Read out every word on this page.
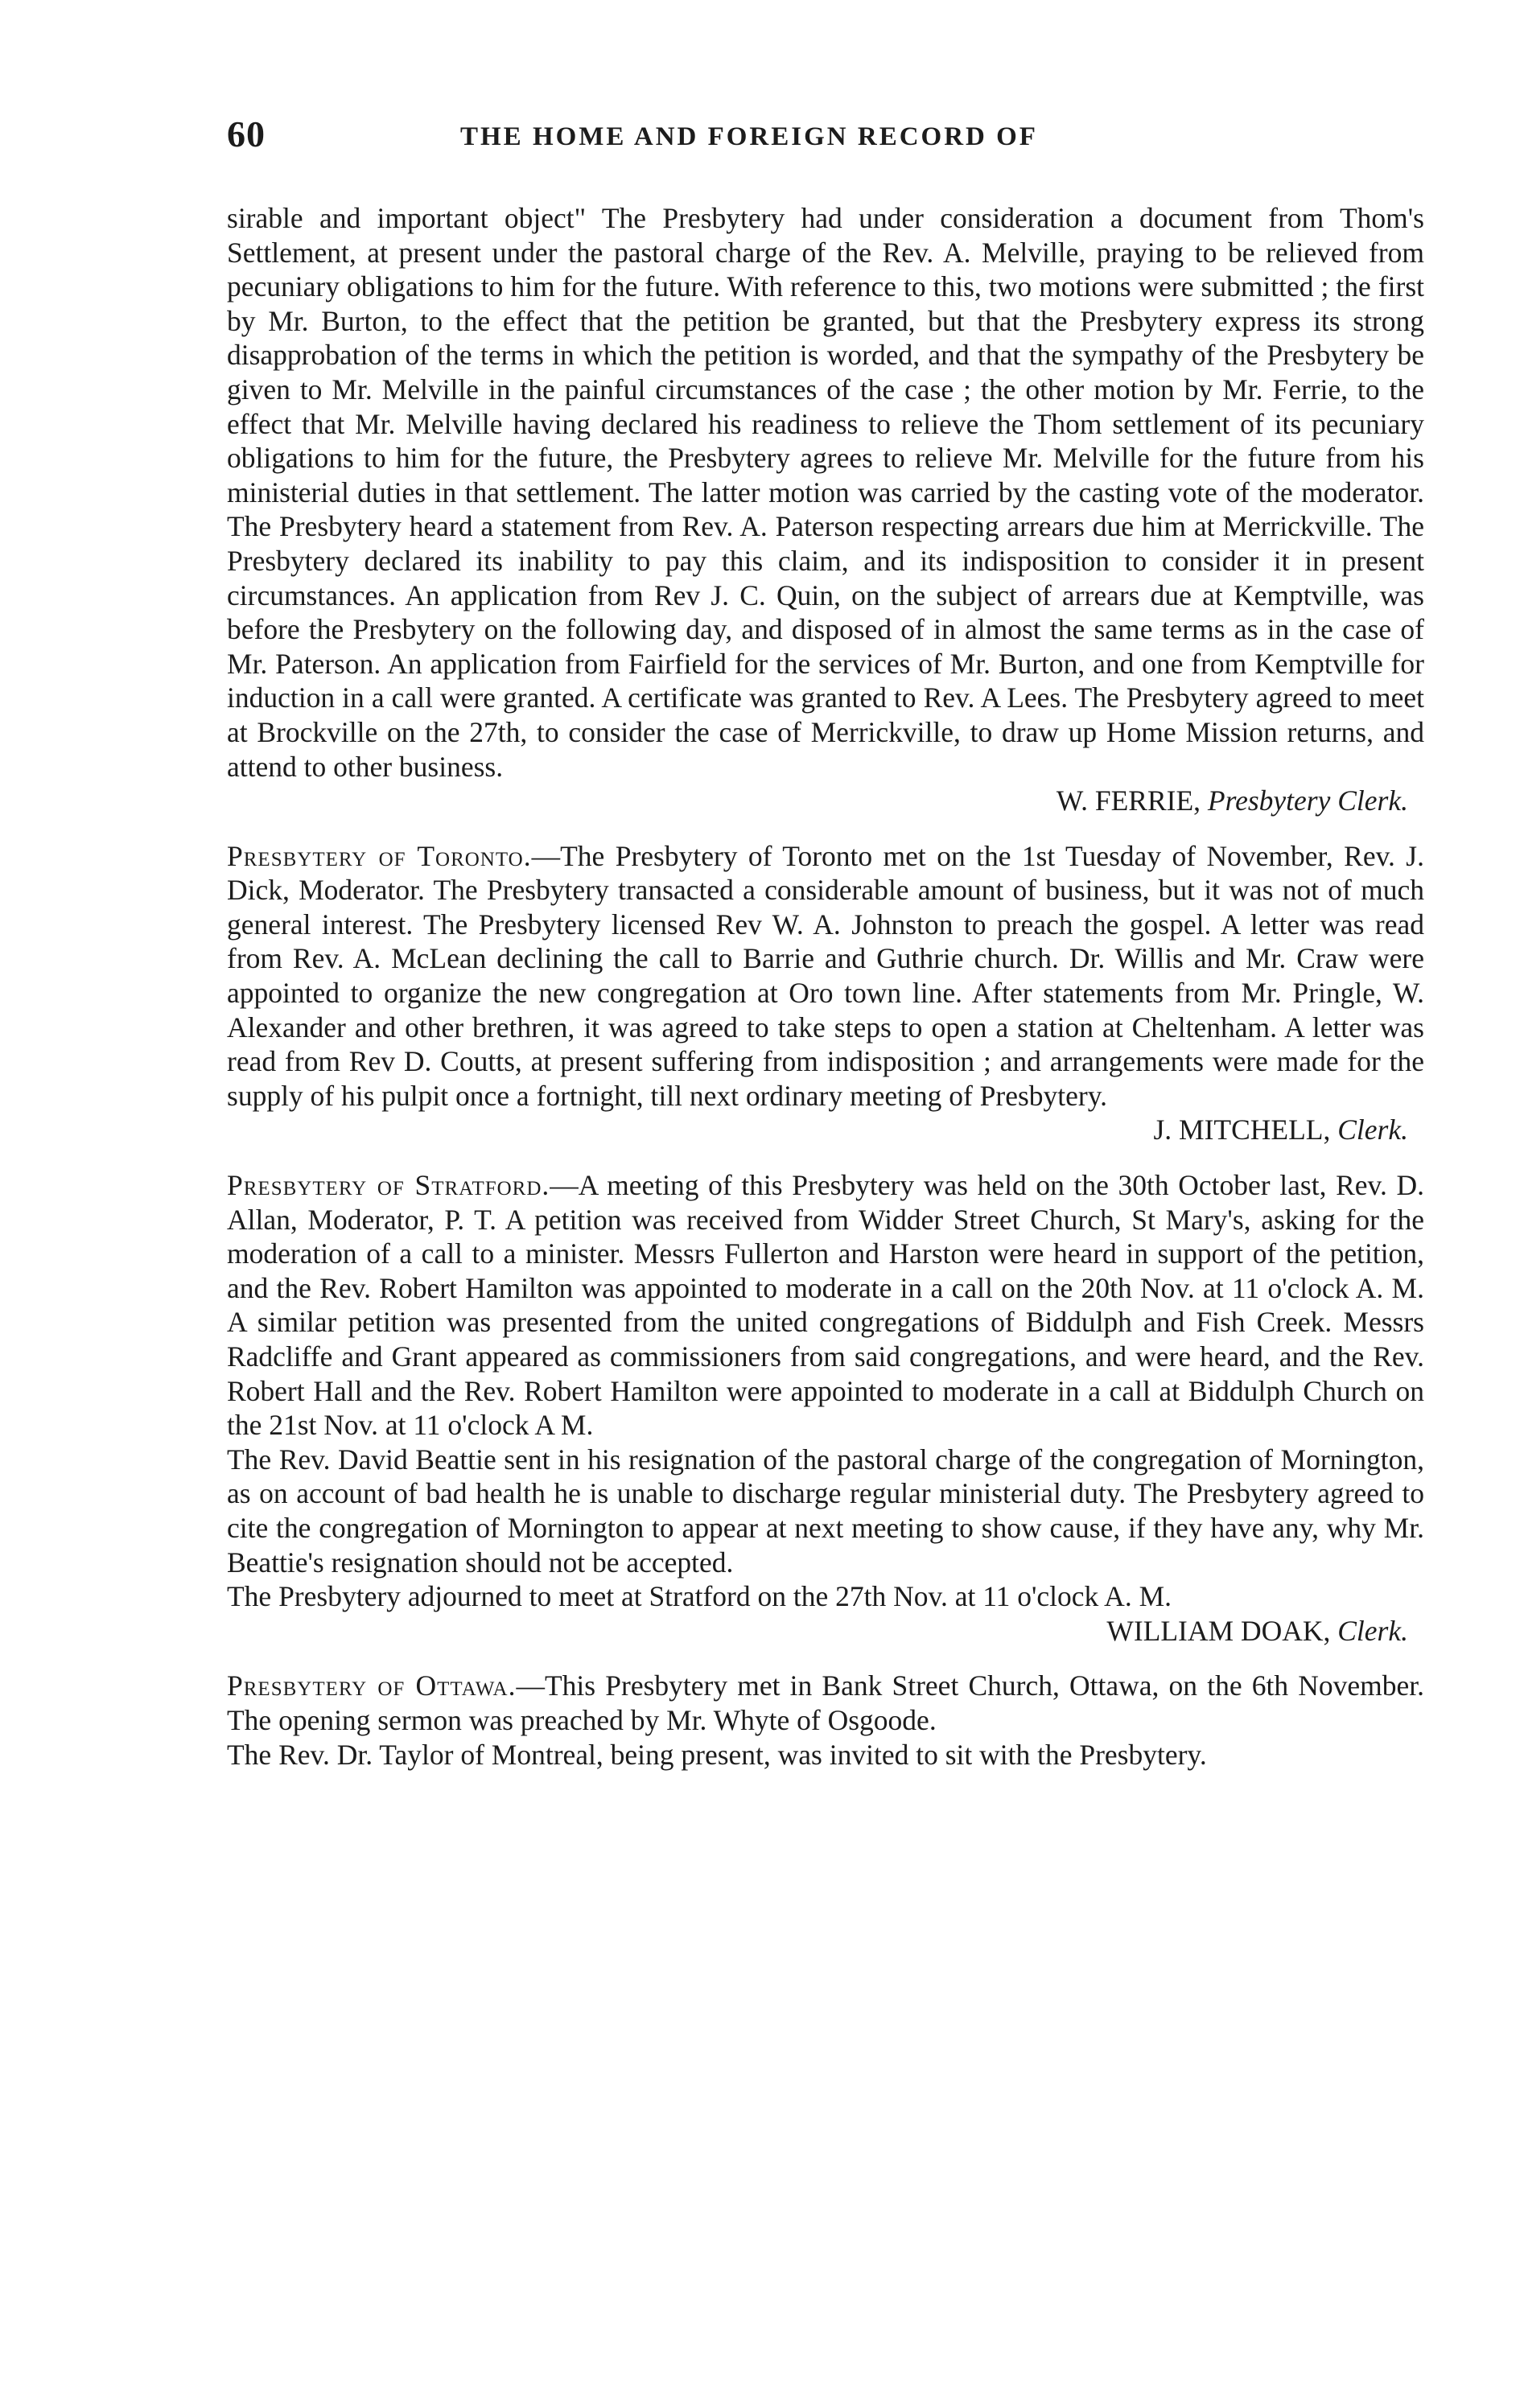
60	THE HOME AND FOREIGN RECORD OF

sirable and important object" The Presbytery had under consideration a document from Thom's Settlement, at present under the pastoral charge of the Rev. A. Melville, praying to be relieved from pecuniary obligations to him for the future. With reference to this, two motions were submitted ; the first by Mr. Burton, to the effect that the petition be granted, but that the Presbytery express its strong disapprobation of the terms in which the petition is worded, and that the sympathy of the Presbytery be given to Mr. Melville in the painful circumstances of the case ; the other motion by Mr. Ferrie, to the effect that Mr. Melville having declared his readiness to relieve the Thom settlement of its pecuniary obligations to him for the future, the Presbytery agrees to relieve Mr. Melville for the future from his ministerial duties in that settlement. The latter motion was carried by the casting vote of the moderator. The Presbytery heard a statement from Rev. A. Paterson respecting arrears due him at Merrickville. The Presbytery declared its inability to pay this claim, and its indisposition to consider it in present circumstances. An application from Rev J. C. Quin, on the subject of arrears due at Kemptville, was before the Presbytery on the following day, and disposed of in almost the same terms as in the case of Mr. Paterson. An application from Fairfield for the services of Mr. Burton, and one from Kemptville for induction in a call were granted. A certificate was granted to Rev. A Lees. The Presbytery agreed to meet at Brockville on the 27th, to consider the case of Merrickville, to draw up Home Mission returns, and attend to other business.

W. FERRIE, Presbytery Clerk.

Presbytery of Toronto.—The Presbytery of Toronto met on the 1st Tuesday of November, Rev. J. Dick, Moderator. The Presbytery transacted a considerable amount of business, but it was not of much general interest. The Presbytery licensed Rev W. A. Johnston to preach the gospel. A letter was read from Rev. A. McLean declining the call to Barrie and Guthrie church. Dr. Willis and Mr. Craw were appointed to organize the new congregation at Oro town line. After statements from Mr. Pringle, W. Alexander and other brethren, it was agreed to take steps to open a station at Cheltenham. A letter was read from Rev D. Coutts, at present suffering from indisposition ; and arrangements were made for the supply of his pulpit once a fortnight, till next ordinary meeting of Presbytery.

J. MITCHELL, Clerk.

Presbytery of Stratford.—A meeting of this Presbytery was held on the 30th October last, Rev. D. Allan, Moderator, P. T. A petition was received from Widder Street Church, St Mary's, asking for the moderation of a call to a minister. Messrs Fullerton and Harston were heard in support of the petition, and the Rev. Robert Hamilton was appointed to moderate in a call on the 20th Nov. at 11 o'clock A. M. A similar petition was presented from the united congregations of Biddulph and Fish Creek. Messrs Radcliffe and Grant appeared as commissioners from said congregations, and were heard, and the Rev. Robert Hall and the Rev. Robert Hamilton were appointed to moderate in a call at Biddulph Church on the 21st Nov. at 11 o'clock A M.

The Rev. David Beattie sent in his resignation of the pastoral charge of the congregation of Mornington, as on account of bad health he is unable to discharge regular ministerial duty. The Presbytery agreed to cite the congregation of Mornington to appear at next meeting to show cause, if they have any, why Mr. Beattie's resignation should not be accepted.

The Presbytery adjourned to meet at Stratford on the 27th Nov. at 11 o'clock A. M.

WILLIAM DOAK, Clerk.

Presbytery of Ottawa.—This Presbytery met in Bank Street Church, Ottawa, on the 6th November. The opening sermon was preached by Mr. Whyte of Osgoode.

The Rev. Dr. Taylor of Montreal, being present, was invited to sit with the Presbytery.
